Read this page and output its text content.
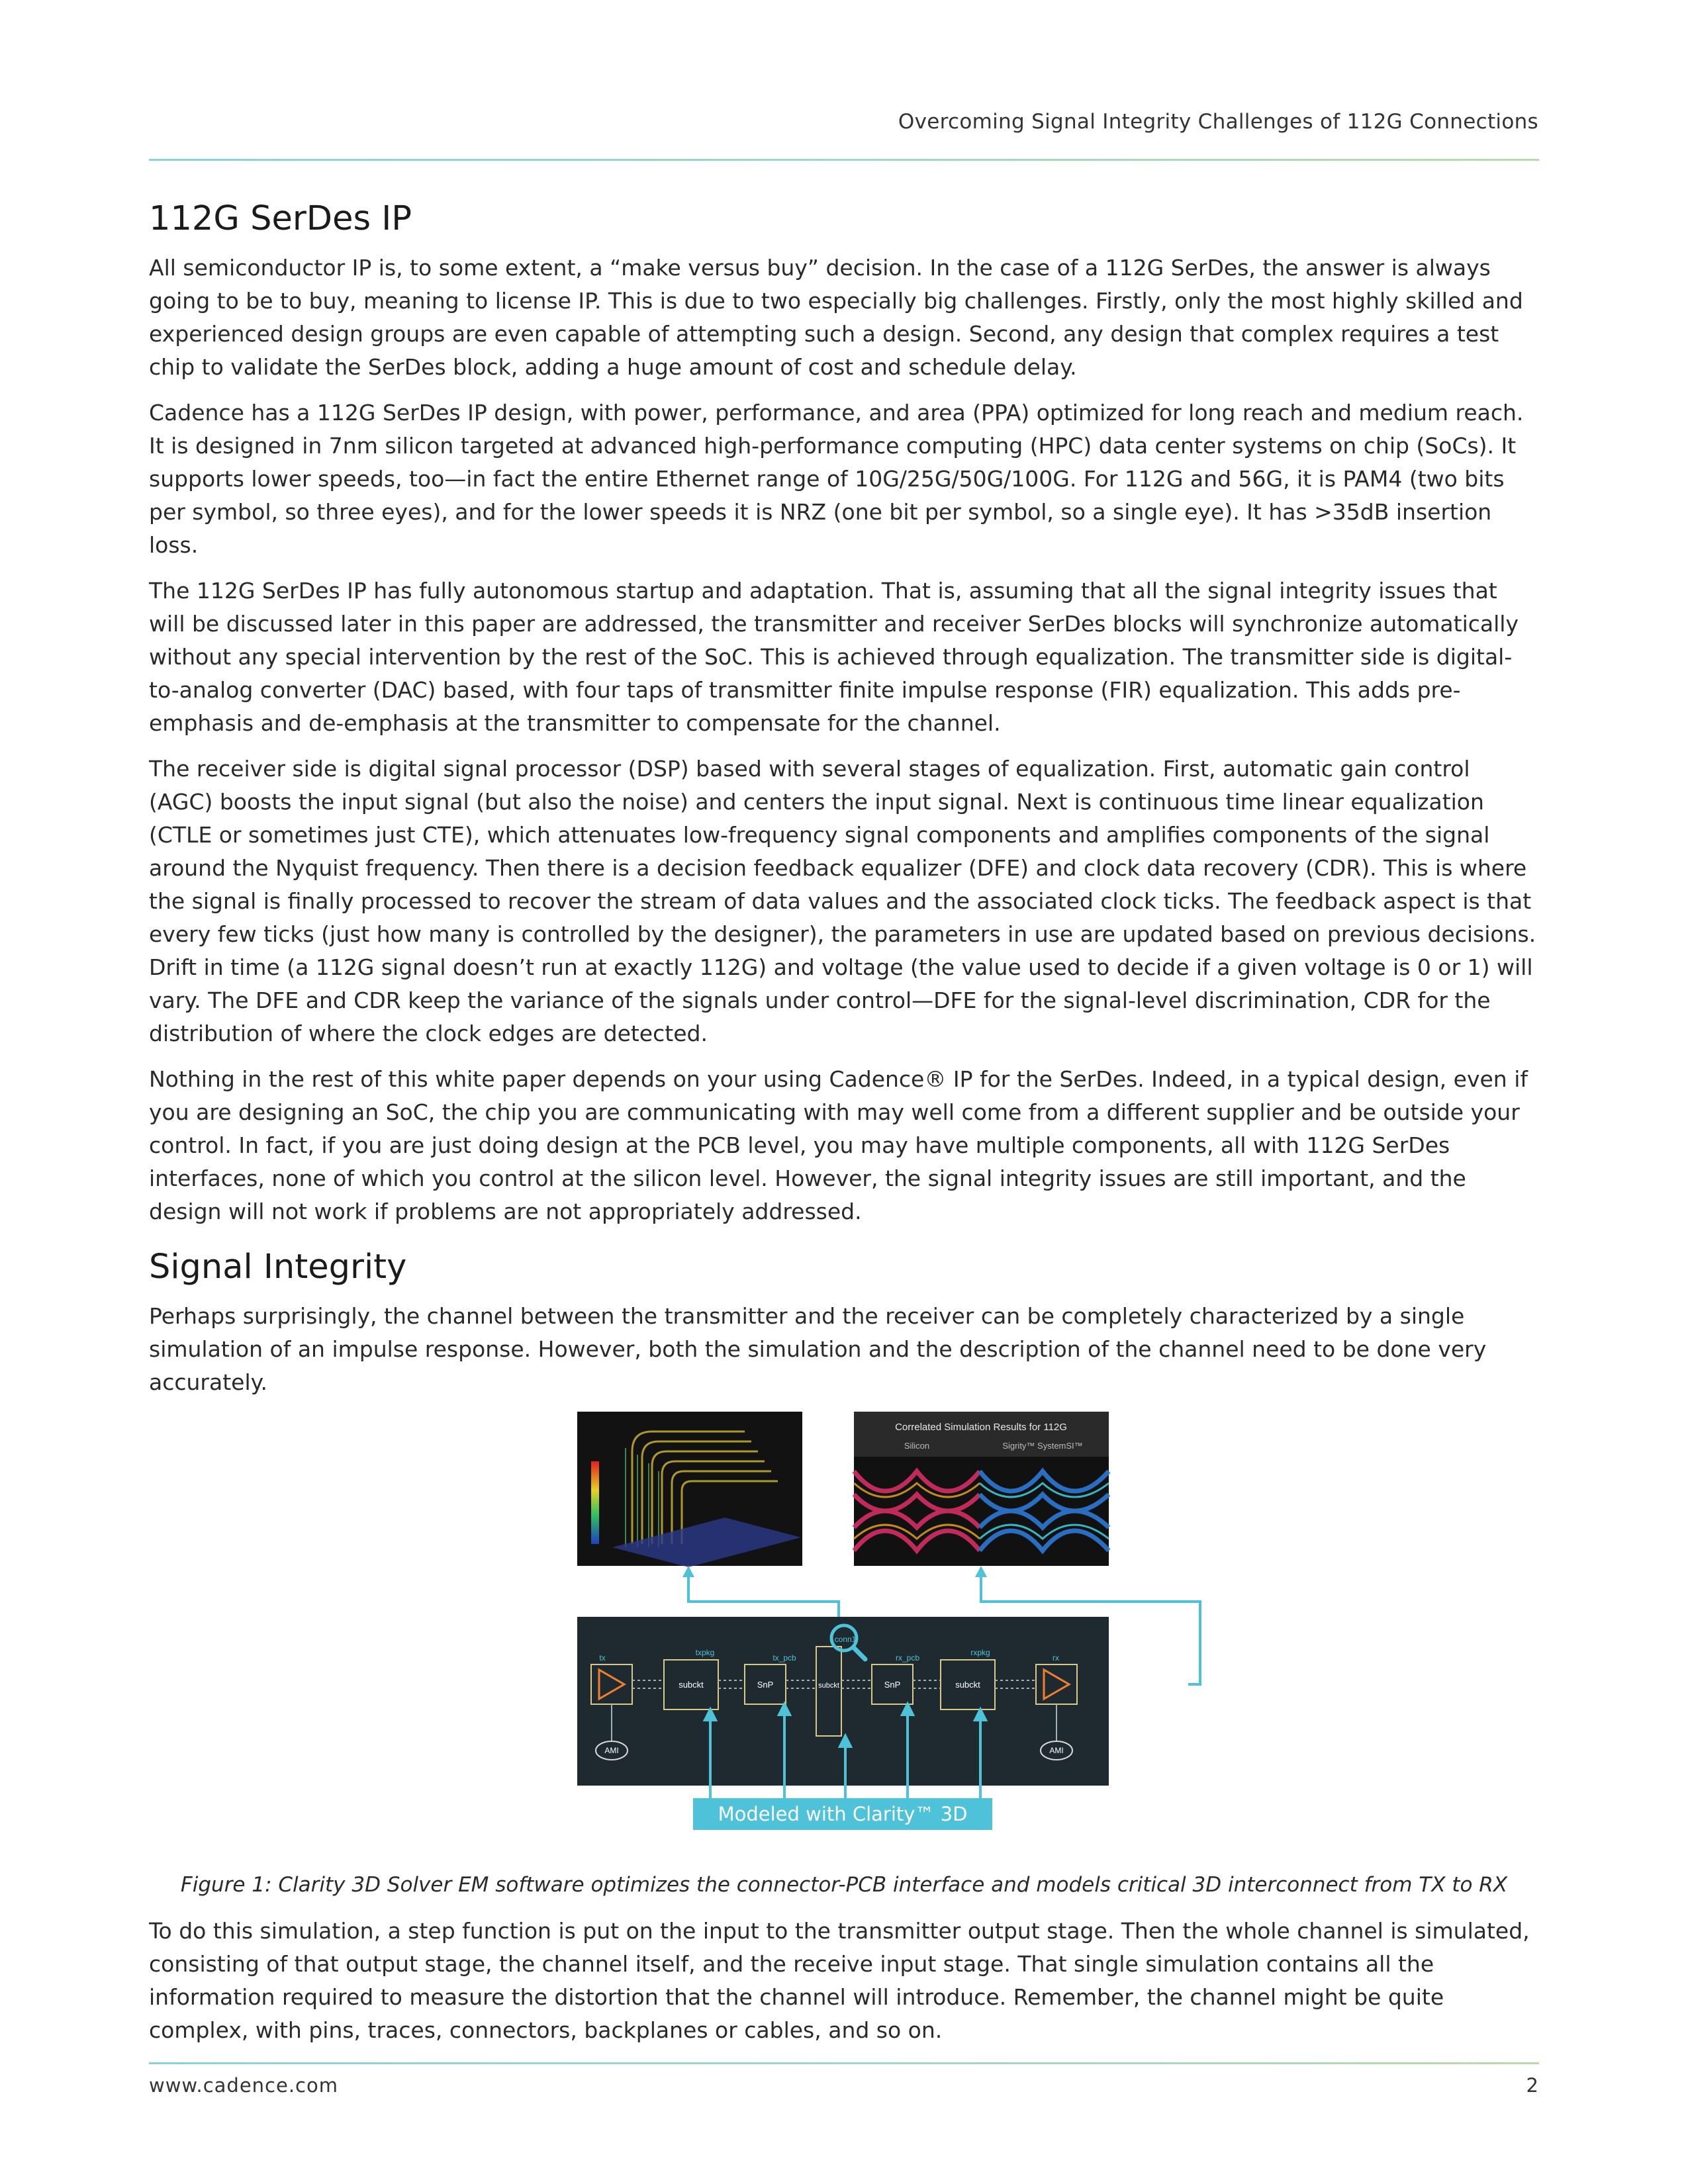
Overcoming Signal Integrity Challenges of 112G Connections
112G SerDes IP

All semiconductor IP is, to some extent, a “make versus buy” decision. In the case of a 112G SerDes, the answer is always going to be to buy, meaning to license IP. This is due to two especially big challenges. Firstly, only the most highly skilled and experienced design groups are even capable of attempting such a design. Second, any design that complex requires a test chip to validate the SerDes block, adding a huge amount of cost and schedule delay.

Cadence has a 112G SerDes IP design, with power, performance, and area (PPA) optimized for long reach and medium reach. It is designed in 7nm silicon targeted at advanced high-performance computing (HPC) data center systems on chip (SoCs). It supports lower speeds, too—in fact the entire Ethernet range of 10G/25G/50G/100G. For 112G and 56G, it is PAM4 (two bits per symbol, so three eyes), and for the lower speeds it is NRZ (one bit per symbol, so a single eye). It has >35dB insertion loss.

The 112G SerDes IP has fully autonomous startup and adaptation. That is, assuming that all the signal integrity issues that will be discussed later in this paper are addressed, the transmitter and receiver SerDes blocks will synchronize automatically without any special intervention by the rest of the SoC. This is achieved through equalization. The transmitter side is digital-to-analog converter (DAC) based, with four taps of transmitter finite impulse response (FIR) equalization. This adds pre-emphasis and de-emphasis at the transmitter to compensate for the channel.

The receiver side is digital signal processor (DSP) based with several stages of equalization. First, automatic gain control (AGC) boosts the input signal (but also the noise) and centers the input signal. Next is continuous time linear equalization (CTLE or sometimes just CTE), which attenuates low-frequency signal components and amplifies components of the signal around the Nyquist frequency. Then there is a decision feedback equalizer (DFE) and clock data recovery (CDR). This is where the signal is finally processed to recover the stream of data values and the associated clock ticks. The feedback aspect is that every few ticks (just how many is controlled by the designer), the parameters in use are updated based on previous decisions. Drift in time (a 112G signal doesn’t run at exactly 112G) and voltage (the value used to decide if a given voltage is 0 or 1) will vary. The DFE and CDR keep the variance of the signals under control—DFE for the signal-level discrimination, CDR for the distribution of where the clock edges are detected.

Nothing in the rest of this white paper depends on your using Cadence® IP for the SerDes. Indeed, in a typical design, even if you are designing an SoC, the chip you are communicating with may well come from a different supplier and be outside your control. In fact, if you are just doing design at the PCB level, you may have multiple components, all with 112G SerDes interfaces, none of which you control at the silicon level. However, the signal integrity issues are still important, and the design will not work if problems are not appropriately addressed.

Signal Integrity

Perhaps surprisingly, the channel between the transmitter and the receiver can be completely characterized by a single simulation of an impulse response. However, both the simulation and the description of the channel need to be done very accurately.

Correlated Simulation Results for 112G
Silicon	Sigrity™ SystemSI™
tx
txpkg
tx_pcb	rx_pcb
rxpkg
rx
conn1
subckt	SnP	subckt	SnP	subckt
AMI	AMI
Modeled with Clarity™ 3D Solver

Figure 1: Clarity 3D Solver EM software optimizes the connector-PCB interface and models critical 3D interconnect from TX to RX

To do this simulation, a step function is put on the input to the transmitter output stage. Then the whole channel is simulated, consisting of that output stage, the channel itself, and the receive input stage. That single simulation contains all the information required to measure the distortion that the channel will introduce. Remember, the channel might be quite complex, with pins, traces, connectors, backplanes or cables, and so on.

www.cadence.com	2
